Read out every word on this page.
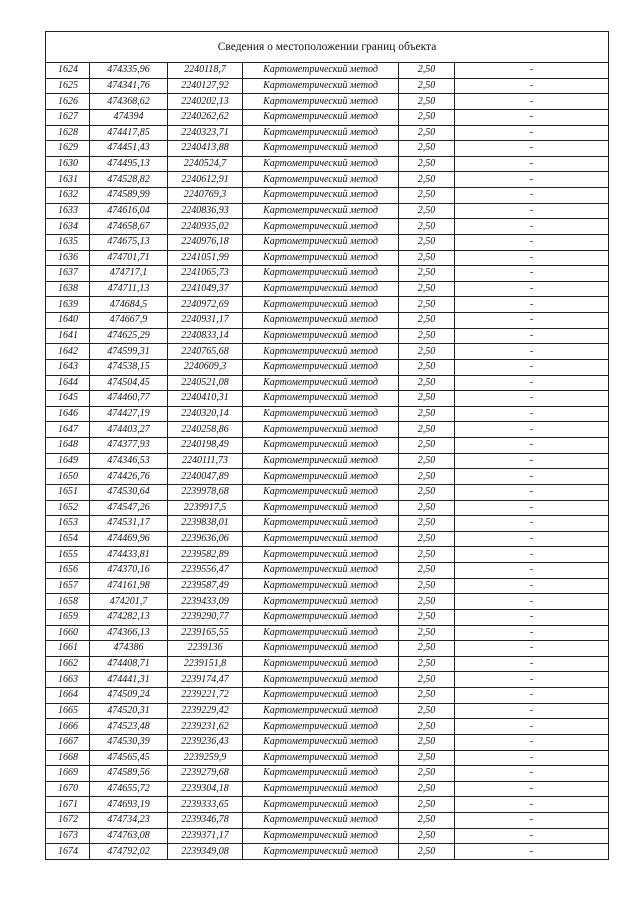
Сведения о местоположении границ объекта					
1624	474335,96	2240118,7	Картометрический метод	2,50	-
1625	474341,76	2240127,92	Картометрический метод	2,50	-
1626	474368,62	2240202,13	Картометрический метод	2,50	-
1627	474394	2240262,62	Картометрический метод	2,50	-
1628	474417,85	2240323,71	Картометрический метод	2,50	-
1629	474451,43	2240413,88	Картометрический метод	2,50	-
1630	474495,13	2240524,7	Картометрический метод	2,50	-
1631	474528,82	2240612,91	Картометрический метод	2,50	-
1632	474589,99	2240769,3	Картометрический метод	2,50	-
1633	474616,04	2240836,93	Картометрический метод	2,50	-
1634	474658,67	2240935,02	Картометрический метод	2,50	-
1635	474675,13	2240976,18	Картометрический метод	2,50	-
1636	474701,71	2241051,99	Картометрический метод	2,50	-
1637	474717,1	2241065,73	Картометрический метод	2,50	-
1638	474711,13	2241049,37	Картометрический метод	2,50	-
1639	474684,5	2240972,69	Картометрический метод	2,50	-
1640	474667,9	2240931,17	Картометрический метод	2,50	-
1641	474625,29	2240833,14	Картометрический метод	2,50	-
1642	474599,31	2240765,68	Картометрический метод	2,50	-
1643	474538,15	2240609,3	Картометрический метод	2,50	-
1644	474504,45	2240521,08	Картометрический метод	2,50	-
1645	474460,77	2240410,31	Картометрический метод	2,50	-
1646	474427,19	2240320,14	Картометрический метод	2,50	-
1647	474403,27	2240258,86	Картометрический метод	2,50	-
1648	474377,93	2240198,49	Картометрический метод	2,50	-
1649	474346,53	2240111,73	Картометрический метод	2,50	-
1650	474426,76	2240047,89	Картометрический метод	2,50	-
1651	474530,64	2239978,68	Картометрический метод	2,50	-
1652	474547,26	2239917,5	Картометрический метод	2,50	-
1653	474531,17	2239838,01	Картометрический метод	2,50	-
1654	474469,96	2239636,06	Картометрический метод	2,50	-
1655	474433,81	2239582,89	Картометрический метод	2,50	-
1656	474370,16	2239556,47	Картометрический метод	2,50	-
1657	474161,98	2239587,49	Картометрический метод	2,50	-
1658	474201,7	2239433,09	Картометрический метод	2,50	-
1659	474282,13	2239290,77	Картометрический метод	2,50	-
1660	474366,13	2239165,55	Картометрический метод	2,50	-
1661	474386	2239136	Картометрический метод	2,50	-
1662	474408,71	2239151,8	Картометрический метод	2,50	-
1663	474441,31	2239174,47	Картометрический метод	2,50	-
1664	474509,24	2239221,72	Картометрический метод	2,50	-
1665	474520,31	2239229,42	Картометрический метод	2,50	-
1666	474523,48	2239231,62	Картометрический метод	2,50	-
1667	474530,39	2239236,43	Картометрический метод	2,50	-
1668	474565,45	2239259,9	Картометрический метод	2,50	-
1669	474589,56	2239279,68	Картометрический метод	2,50	-
1670	474655,72	2239304,18	Картометрический метод	2,50	-
1671	474693,19	2239333,65	Картометрический метод	2,50	-
1672	474734,23	2239346,78	Картометрический метод	2,50	-
1673	474763,08	2239371,17	Картометрический метод	2,50	-
1674	474792,02	2239349,08	Картометрический метод	2,50	-
